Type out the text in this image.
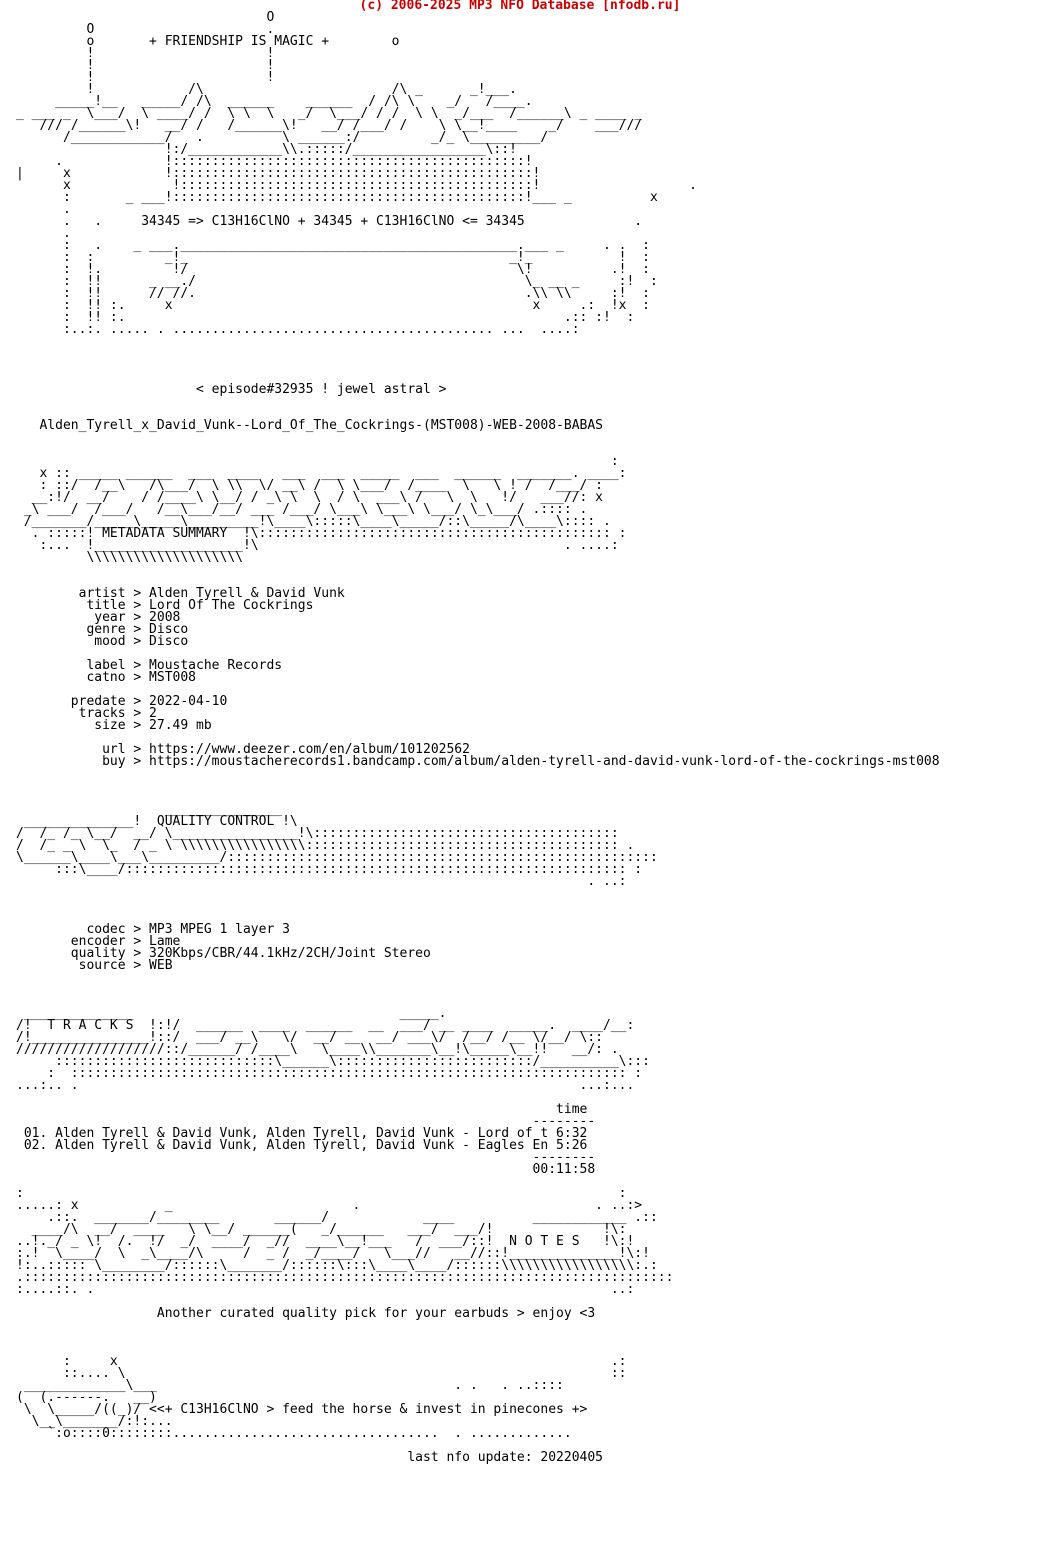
(c) 2006-2025 MP3 NFO Database [nfodb.ru]
O
O                      .
o       + FRIENDSHIP IS MAGIC +        o
!                      !
!                      !
!                      !
!            /\                        /\ _      _!___.
_____!__   _____/ /\  ______    ______  / /\ \    _/   /____.
_ ___ _  \___/  \ ____/ /  \ \  \   _/  \___/ / /  \ \  _/___  /______\ _ ____ _
/// /______\!   __/ /   /______\!   __/ /___/ /    \ \__!____    _/    ___///
/____________/   .          \ ______:/         _/_ \_________/
!:/____________\\.:::::/_________________\::!
.             !:::::::::::::::::::::::::::::::::::::::::::::!
|     x            !::::::::::::::::::::::::::::::::::::::::::::::!
x             !:::::::::::::::::::::::::::::::::::::::::::::!                   .
:       _ ___!:::::::::::::::::::::::::::::::::::::::::::::!___ _          x
.
.   .     34345 => C13H16ClNO + 34345 + C13H16ClNO <= 34345              .
.
:   .    _ ___.___________________________________________.___ _     . .  :
:  :         _!_                                         _!_           !  :
:  !.         !/                                          \!          .!  :
:  !!      _ __./                                          \_ __ _     :!  :
:  !!      // //.                                          .\\ \\     :!  :
:  !! :.     x                                              x     .:  !x  :
:  !! :.                                                        .:: :!  :
:..:. ..... . ......................................... ...  ....:

< episode#32935 ! jewel astral >

Alden_Tyrell_x_David_Vunk--Lord_Of_The_Cockrings-(MST008)-WEB-2008-BABAS

:
x :: _____ ______  ___  ____   ___  ___  _____  ___  ______  _______. ____:
: ::/  /__\   /\___/  \ \\  \/ __\ /  \ \___/  /____  \   \ ! /  /___/ :
__:!/  __/    / /____\ \__/ / _\ \  \  / \  ___\ /   \  \   !/   ___//: x
_\ ___/  /___/   /__\___/__/ ___ /___/ \___\ \___\ \___/ \_\___/ .:::: .
/_______/_____\_____\_________!\____\:::::\____\_____/::\_____/\____\:::: .
. :::::! METADATA SUMMARY  !\::::::::::::::::::::::::::::::::::::::::::::: :
:...  !___________________!\                                       . ....:
\\\\\\\\\\\\\\\\\\\\

artist > Alden Tyrell & David Vunk
title > Lord Of The Cockrings
year > 2008
genre > Disco
mood > Disco

label > Moustache Records
catno > MST008

predate > 2022-04-10
tracks > 2
size > 27.49 mb

url > https://www.deezer.com/en/album/101202562
buy > https://moustacherecords1.bandcamp.com/album/alden-tyrell-and-david-vunk-lord-of-the-cockrings-mst008

_______________
______________!  QUALITY CONTROL !\
/  /_ /_ \__/  __/ \________________!\:::::::::::::::::::::::::::::::::::::::
/  /_ _ \  \_  / _ \ \\\\\\\\\\\\\\\\:::::::::::::::::::::::::::::::::::::::: .
\______\____\___\_________/:::::::::::::::::::::::::::::::::::::::::::::::::::::::
:::\____/:::::::::::::::::::::::::::::::::::::::::::::::::::::::::::::::: :
. ..:

codec > MP3 MPEG 1 layer 3
encoder > Lame
quality > 320Kbps/CBR/44.1kHz/2CH/Joint Stereo
source > WEB

______________                                  _____.
/!  T R A C K S  !:!/  ______  ____  ______  __  ___/ __ ____  _____.  ____/__:
/!_______________!::/  ___/ __\   \/  __/ __  __/ ___\/  /__/ /__ \/__/ \::
///////////////////::/______/ /____\   \____\\_______\__!\_____\__!!   __/: .
::::::::::::::::::::::::::::\______\:::::::::::::::::::::::::/__________\:::
:  ::::::::::::::::::::::::::::::::::::::::::::::::::::::::::::::::::::::: :
...:.. .                                                                ...:...

time
--------
01. Alden Tyrell & David Vunk, Alden Tyrell, David Vunk - Lord of t 6:32
02. Alden Tyrell & David Vunk, Alden Tyrell, David Vunk - Eagles En 5:26
--------
00:11:58

:                                                                            :
.....: x           _                       .                              . ..:>
.::.  _______/________       ______/            ____          ____________ .::
____/\  __/  ____   \ \__/ ______(   _/______   ___/  ___/!              !\:
..!._/ _ \!  /.  !/  _/  ____/  _//  ____\__!___   /  ___/::!  N O T E S   !\:!
:.!  \____/  \  _\____/\     /  _ /  _/____/   \___//   __//::!______________!\:!
!:..::::: \________/::::::\_______/::::::\:::\____\____/::::::\\\\\\\\\\\\\\\\\:.:
.:::::::::::::::::::::::::::::::::::::::::::::::::::::::::::::::::::::::::::::::::::
:....::. .                                                                  ..:

Another curated quality pick for your earbuds > enjoy <3

:     x                                                               .:
::.... \                                                              ::
_____________\___                                      . .   . ..::::
(  (.------.   __)
\  \_____/((_)/ <<+ C13H16ClNO > feed the horse & invest in pinecones +>
\__\_______/:!:...
`:o::::0::::::::..................................  . .............

last nfo update: 20220405
